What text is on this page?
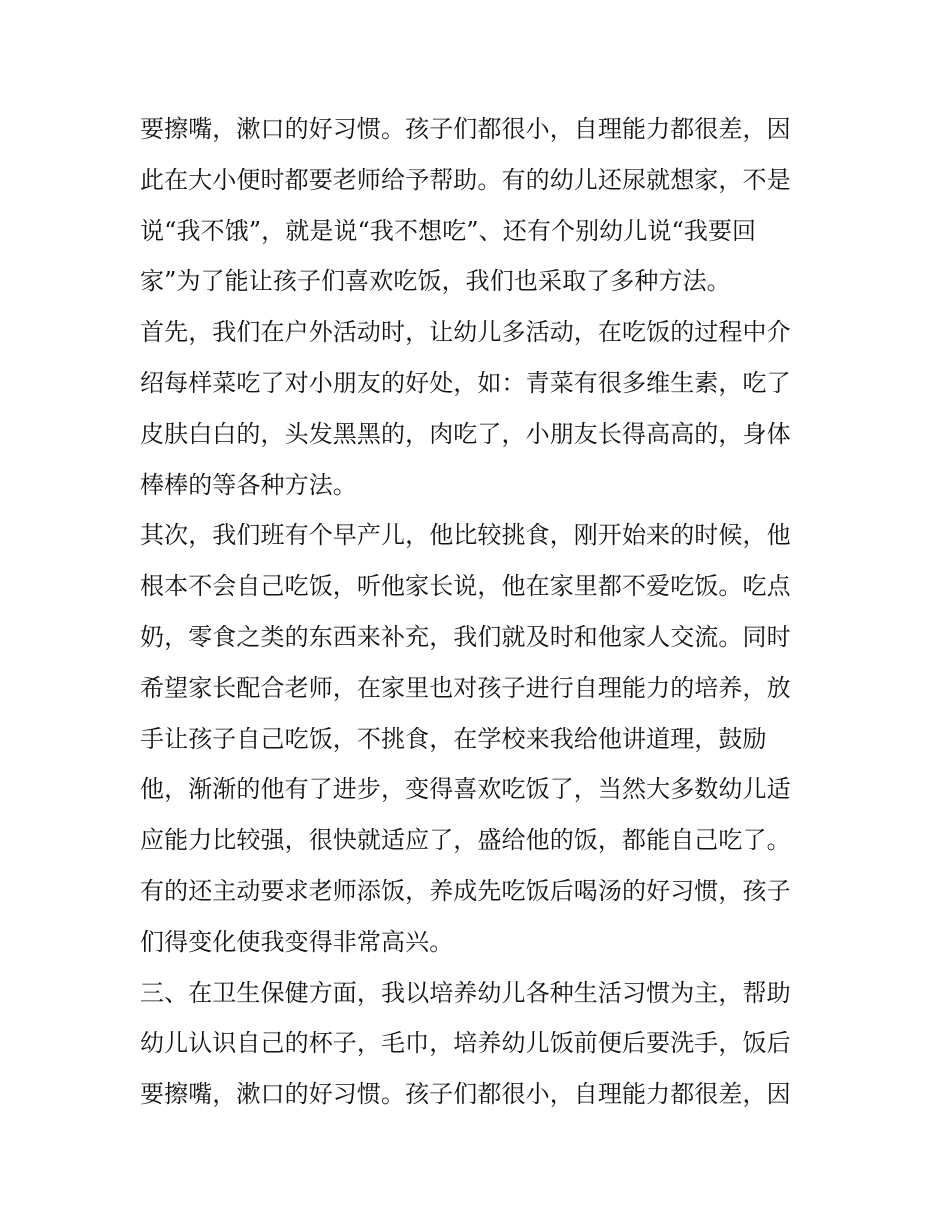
要擦嘴，漱口的好习惯。孩子们都很小，自理能力都很差，因
此在大小便时都要老师给予帮助。有的幼儿还尿就想家，不是
说“我不饿”，就是说“我不想吃”、还有个别幼儿说“我要回
家”为了能让孩子们喜欢吃饭，我们也采取了多种方法。
首先，我们在户外活动时，让幼儿多活动，在吃饭的过程中介
绍每样菜吃了对小朋友的好处，如：青菜有很多维生素，吃了
皮肤白白的，头发黑黑的，肉吃了，小朋友长得高高的，身体
棒棒的等各种方法。
其次，我们班有个早产儿，他比较挑食，刚开始来的时候，他
根本不会自己吃饭，听他家长说，他在家里都不爱吃饭。吃点
奶，零食之类的东西来补充，我们就及时和他家人交流。同时
希望家长配合老师，在家里也对孩子进行自理能力的培养，放
手让孩子自己吃饭，不挑食，在学校来我给他讲道理，鼓励
他，渐渐的他有了进步，变得喜欢吃饭了，当然大多数幼儿适
应能力比较强，很快就适应了，盛给他的饭，都能自己吃了。
有的还主动要求老师添饭，养成先吃饭后喝汤的好习惯，孩子
们得变化使我变得非常高兴。
三、在卫生保健方面，我以培养幼儿各种生活习惯为主，帮助
幼儿认识自己的杯子，毛巾，培养幼儿饭前便后要洗手，饭后
要擦嘴，漱口的好习惯。孩子们都很小，自理能力都很差，因
